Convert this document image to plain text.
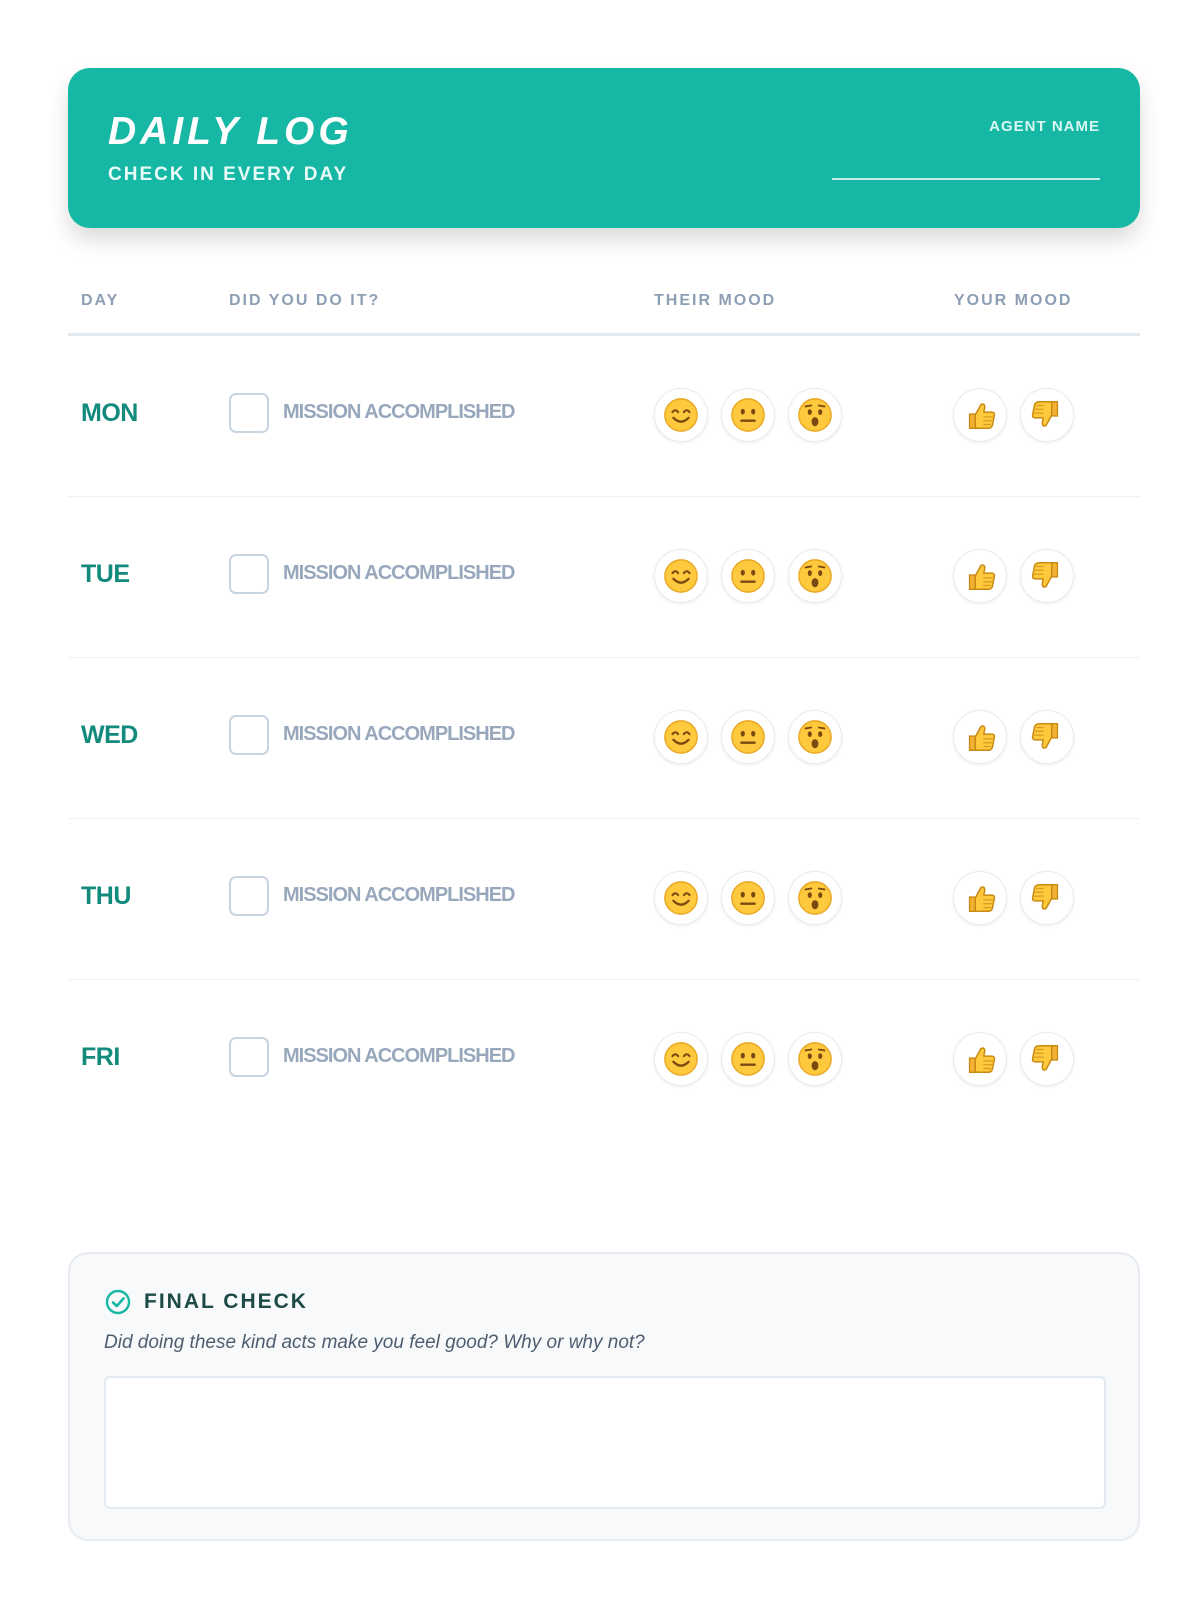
DAILY LOG
CHECK IN EVERY DAY
AGENT NAME
DAY	DID YOU DO IT?	THEIR MOOD	YOUR MOOD
MON	MISSION ACCOMPLISHED
TUE	MISSION ACCOMPLISHED
WED	MISSION ACCOMPLISHED
THU	MISSION ACCOMPLISHED
FRI	MISSION ACCOMPLISHED
FINAL CHECK
Did doing these kind acts make you feel good? Why or why not?
